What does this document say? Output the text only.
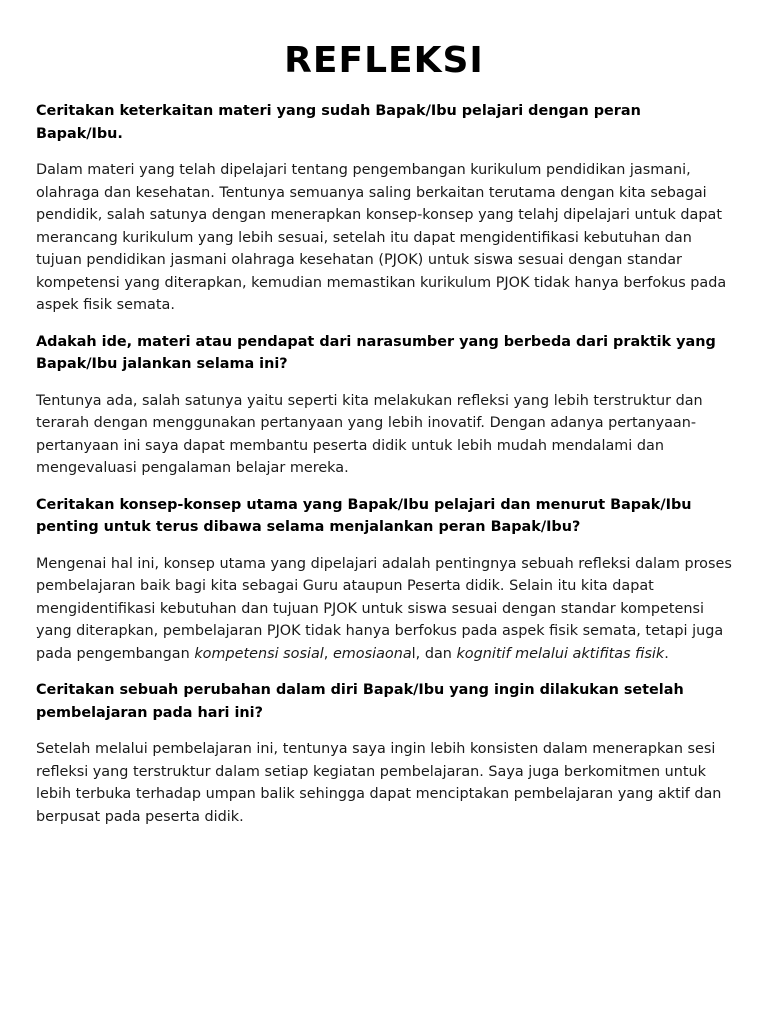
REFLEKSI

Ceritakan keterkaitan materi yang sudah Bapak/Ibu pelajari dengan peran Bapak/Ibu.

Dalam materi yang telah dipelajari tentang pengembangan kurikulum pendidikan jasmani, olahraga dan kesehatan. Tentunya semuanya saling berkaitan terutama dengan kita sebagai pendidik, salah satunya dengan menerapkan konsep-konsep yang telahj dipelajari untuk dapat merancang kurikulum yang lebih sesuai, setelah itu dapat mengidentifikasi kebutuhan dan tujuan pendidikan jasmani olahraga kesehatan (PJOK) untuk siswa sesuai dengan standar kompetensi yang diterapkan, kemudian memastikan kurikulum PJOK tidak hanya berfokus pada aspek fisik semata.

Adakah ide, materi atau pendapat dari narasumber yang berbeda dari praktik yang Bapak/Ibu jalankan selama ini?

Tentunya ada, salah satunya yaitu seperti kita melakukan refleksi yang lebih terstruktur dan terarah dengan menggunakan pertanyaan yang lebih inovatif. Dengan adanya pertanyaan-pertanyaan ini saya dapat membantu peserta didik untuk lebih mudah mendalami dan mengevaluasi pengalaman belajar mereka.

Ceritakan konsep-konsep utama yang Bapak/Ibu pelajari dan menurut Bapak/Ibu penting untuk terus dibawa selama menjalankan peran Bapak/Ibu?

Mengenai hal ini, konsep utama yang dipelajari adalah pentingnya sebuah refleksi dalam proses pembelajaran baik bagi kita sebagai Guru ataupun Peserta didik. Selain itu kita dapat mengidentifikasi kebutuhan dan tujuan PJOK untuk siswa sesuai dengan standar kompetensi yang diterapkan, pembelajaran PJOK tidak hanya berfokus pada aspek fisik semata, tetapi juga pada pengembangan kompetensi sosial, emosiaonal, dan kognitif melalui aktifitas fisik.

Ceritakan sebuah perubahan dalam diri Bapak/Ibu yang ingin dilakukan setelah pembelajaran pada hari ini?

Setelah melalui pembelajaran ini, tentunya saya ingin lebih konsisten dalam menerapkan sesi refleksi yang terstruktur dalam setiap kegiatan pembelajaran. Saya juga berkomitmen untuk lebih terbuka terhadap umpan balik sehingga dapat menciptakan pembelajaran yang aktif dan berpusat pada peserta didik.
